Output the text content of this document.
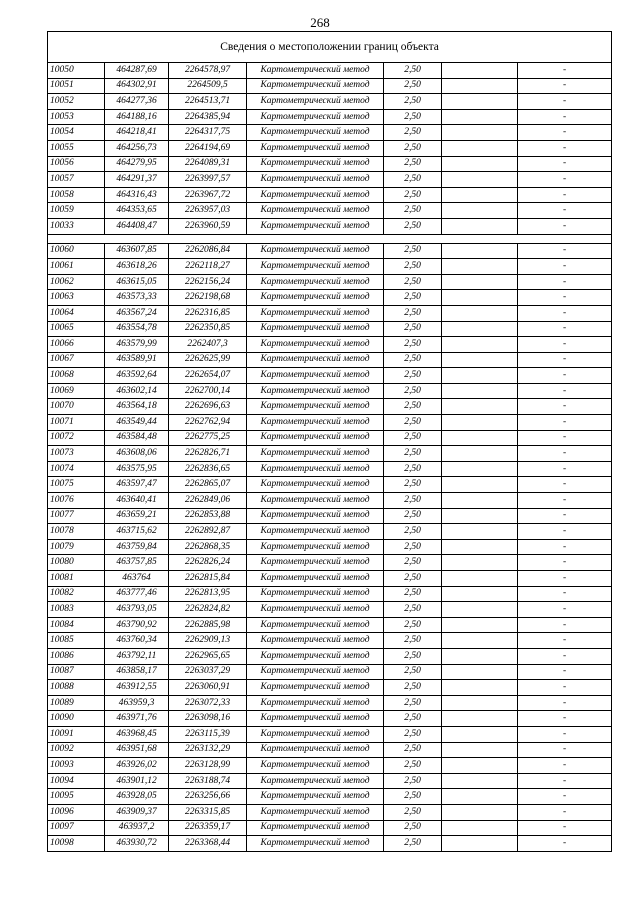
268
Сведения о местоположении границ объекта						
10050	464287,69	2264578,97	Картометрический метод	2,50		-
10051	464302,91	2264509,5	Картометрический метод	2,50		-
10052	464277,36	2264513,71	Картометрический метод	2,50		-
10053	464188,16	2264385,94	Картометрический метод	2,50		-
10054	464218,41	2264317,75	Картометрический метод	2,50		-
10055	464256,73	2264194,69	Картометрический метод	2,50		-
10056	464279,95	2264089,31	Картометрический метод	2,50		-
10057	464291,37	2263997,57	Картометрический метод	2,50		-
10058	464316,43	2263967,72	Картометрический метод	2,50		-
10059	464353,65	2263957,03	Картометрический метод	2,50		-
10033	464408,47	2263960,59	Картометрический метод	2,50		-

10060	463607,85	2262086,84	Картометрический метод	2,50		-
10061	463618,26	2262118,27	Картометрический метод	2,50		-
10062	463615,05	2262156,24	Картометрический метод	2,50		-
10063	463573,33	2262198,68	Картометрический метод	2,50		-
10064	463567,24	2262316,85	Картометрический метод	2,50		-
10065	463554,78	2262350,85	Картометрический метод	2,50		-
10066	463579,99	2262407,3	Картометрический метод	2,50		-
10067	463589,91	2262625,99	Картометрический метод	2,50		-
10068	463592,64	2262654,07	Картометрический метод	2,50		-
10069	463602,14	2262700,14	Картометрический метод	2,50		-
10070	463564,18	2262696,63	Картометрический метод	2,50		-
10071	463549,44	2262762,94	Картометрический метод	2,50		-
10072	463584,48	2262775,25	Картометрический метод	2,50		-
10073	463608,06	2262826,71	Картометрический метод	2,50		-
10074	463575,95	2262836,65	Картометрический метод	2,50		-
10075	463597,47	2262865,07	Картометрический метод	2,50		-
10076	463640,41	2262849,06	Картометрический метод	2,50		-
10077	463659,21	2262853,88	Картометрический метод	2,50		-
10078	463715,62	2262892,87	Картометрический метод	2,50		-
10079	463759,84	2262868,35	Картометрический метод	2,50		-
10080	463757,85	2262826,24	Картометрический метод	2,50		-
10081	463764	2262815,84	Картометрический метод	2,50		-
10082	463777,46	2262813,95	Картометрический метод	2,50		-
10083	463793,05	2262824,82	Картометрический метод	2,50		-
10084	463790,92	2262885,98	Картометрический метод	2,50		-
10085	463760,34	2262909,13	Картометрический метод	2,50		-
10086	463792,11	2262965,65	Картометрический метод	2,50		-
10087	463858,17	2263037,29	Картометрический метод	2,50		-
10088	463912,55	2263060,91	Картометрический метод	2,50		-
10089	463959,3	2263072,33	Картометрический метод	2,50		-
10090	463971,76	2263098,16	Картометрический метод	2,50		-
10091	463968,45	2263115,39	Картометрический метод	2,50		-
10092	463951,68	2263132,29	Картометрический метод	2,50		-
10093	463926,02	2263128,99	Картометрический метод	2,50		-
10094	463901,12	2263188,74	Картометрический метод	2,50		-
10095	463928,05	2263256,66	Картометрический метод	2,50		-
10096	463909,37	2263315,85	Картометрический метод	2,50		-
10097	463937,2	2263359,17	Картометрический метод	2,50		-
10098	463930,72	2263368,44	Картометрический метод	2,50		-
